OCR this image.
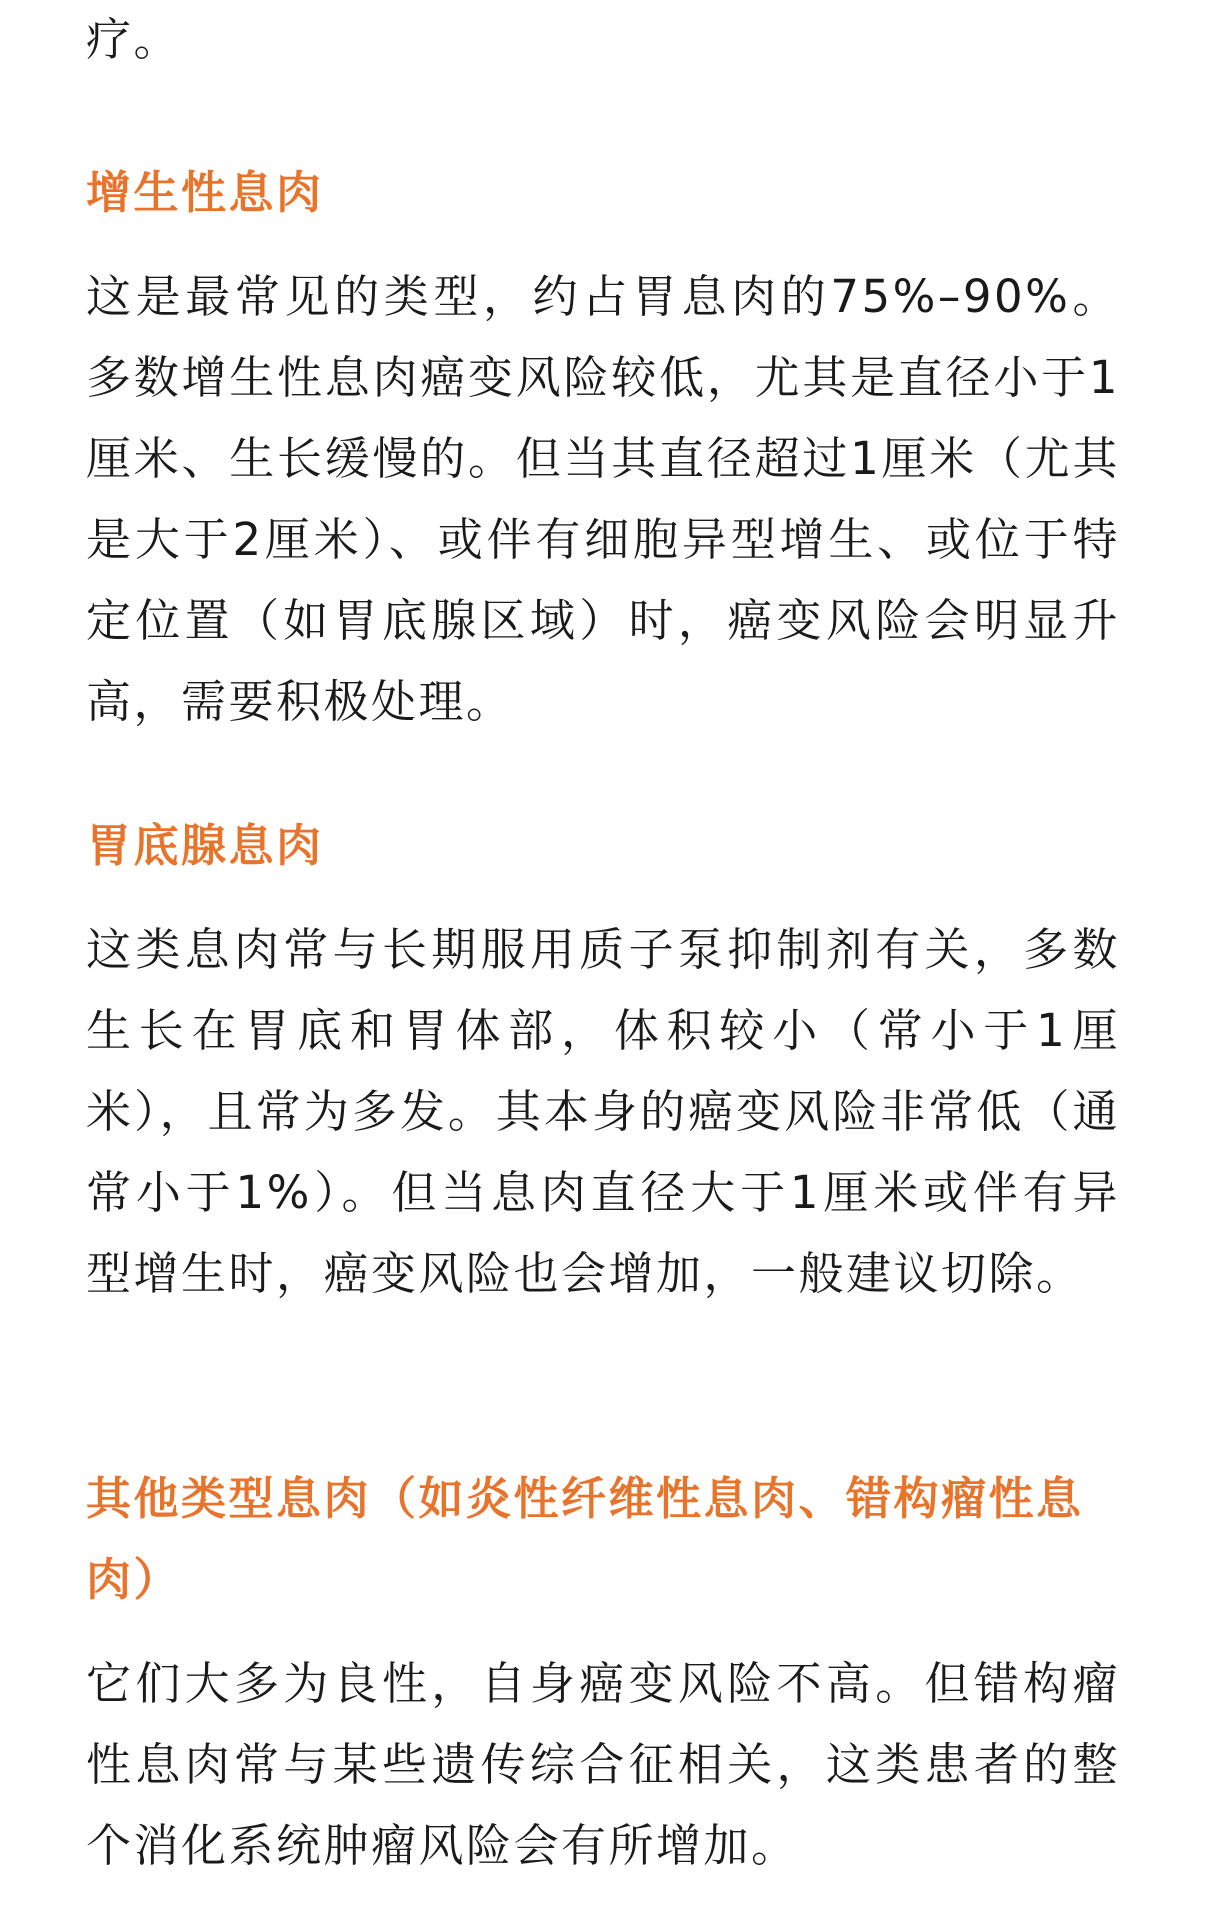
疗。

增生性息肉

这是最常见的类型，约占胃息肉的75%–90%。多数增生性息肉癌变风险较低，尤其是直径小于1厘米、生长缓慢的。但当其直径超过1厘米（尤其是大于2厘米）、或伴有细胞异型增生、或位于特定位置（如胃底腺区域）时，癌变风险会明显升高，需要积极处理。

胃底腺息肉

这类息肉常与长期服用质子泵抑制剂有关，多数生长在胃底和胃体部，体积较小（常小于1厘米），且常为多发。其本身的癌变风险非常低（通常小于1%）。但当息肉直径大于1厘米或伴有异型增生时，癌变风险也会增加，一般建议切除。

其他类型息肉（如炎性纤维性息肉、错构瘤性息肉）

它们大多为良性，自身癌变风险不高。但错构瘤性息肉常与某些遗传综合征相关，这类患者的整个消化系统肿瘤风险会有所增加。
